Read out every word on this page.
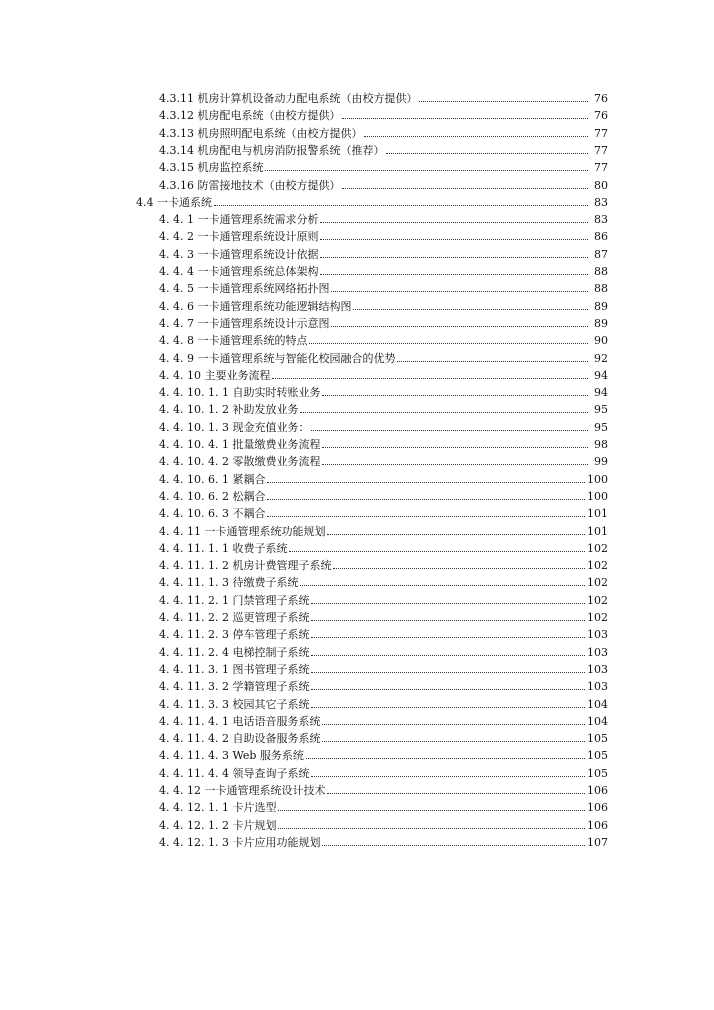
4.3.11 机房计算机设备动力配电系统（由校方提供）	76
4.3.12 机房配电系统（由校方提供）	76
4.3.13 机房照明配电系统（由校方提供）	77
4.3.14 机房配电与机房消防报警系统（推荐）	77
4.3.15 机房监控系统	77
4.3.16 防雷接地技术（由校方提供）	80
4.4 一卡通系统	83
4. 4. 1 一卡通管理系统需求分析	83
4. 4. 2 一卡通管理系统设计原则	86
4. 4. 3 一卡通管理系统设计依据	87
4. 4. 4 一卡通管理系统总体架构	88
4. 4. 5 一卡通管理系统网络拓扑图	88
4. 4. 6 一卡通管理系统功能逻辑结构图	89
4. 4. 7 一卡通管理系统设计示意图	89
4. 4. 8 一卡通管理系统的特点	90
4. 4. 9 一卡通管理系统与智能化校园融合的优势	92
4. 4. 10 主要业务流程	94
4. 4. 10. 1. 1 自助实时转账业务	94
4. 4. 10. 1. 2 补助发放业务	95
4. 4. 10. 1. 3 现金充值业务：	95
4. 4. 10. 4. 1 批量缴费业务流程	98
4. 4. 10. 4. 2 零散缴费业务流程	99
4. 4. 10. 6. 1 紧耦合	100
4. 4. 10. 6. 2 松耦合	100
4. 4. 10. 6. 3 不耦合	101
4. 4. 11 一卡通管理系统功能规划	101
4. 4. 11. 1. 1 收费子系统	102
4. 4. 11. 1. 2 机房计费管理子系统	102
4. 4. 11. 1. 3 待缴费子系统	102
4. 4. 11. 2. 1 门禁管理子系统	102
4. 4. 11. 2. 2 巡更管理子系统	102
4. 4. 11. 2. 3 停车管理子系统	103
4. 4. 11. 2. 4 电梯控制子系统	103
4. 4. 11. 3. 1 图书管理子系统	103
4. 4. 11. 3. 2 学籍管理子系统	103
4. 4. 11. 3. 3 校园其它子系统	104
4. 4. 11. 4. 1 电话语音服务系统	104
4. 4. 11. 4. 2 自助设备服务系统	105
4. 4. 11. 4. 3 Web 服务系统	105
4. 4. 11. 4. 4 领导查询子系统	105
4. 4. 12 一卡通管理系统设计技术	106
4. 4. 12. 1. 1 卡片选型	106
4. 4. 12. 1. 2 卡片规划	106
4. 4. 12. 1. 3 卡片应用功能规划	107
